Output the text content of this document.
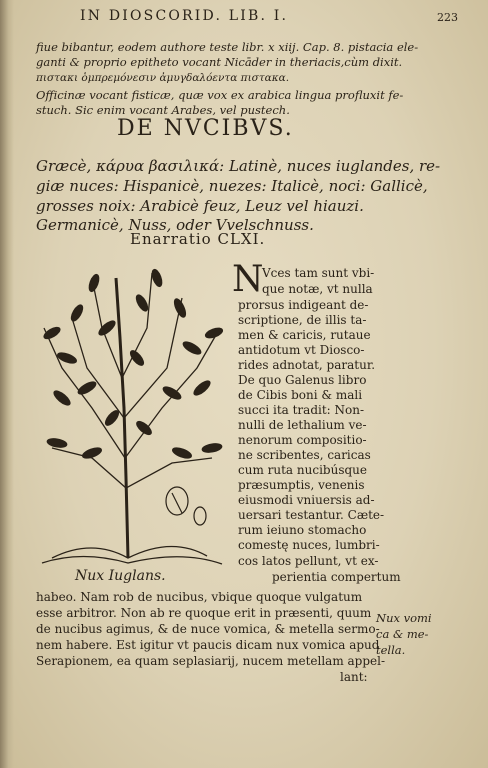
IN DIOSCORID. LIB. I.	223
fiue bibantur, eodem authore teste libr. x xiij. Cap. 8. pistacia ele-
ganti & proprio epitheto vocant Nicāder in theriacis,cùm dixit.
πιστακι ὁμπρεμόνεσιν ἀμυγδαλόεντα πιστακα.
Officinæ vocant fisticæ, quæ vox ex arabica lingua profluxit fe-
stuch. Sic enim vocant Arabes, vel pustech.
DE NVCIBVS.
Græcè, κάρυα βασιλικά: Latinè, nuces iuglandes, re-
giæ nuces: Hispanicè, nuezes: Italicè, noci: Gallicè,
grosses noix: Arabicè feuz, Leuz vel hiauzi.
Germanicè, Nuss, oder Vvelschnuss.
Enarratio CLXI.
N
Vces tam sunt vbi-
que notæ, vt nulla
prorsus indigeant de-
scriptione, de illis ta-
men & caricis, rutaue
antidotum vt Diosco-
rides adnotat, paratur.
De quo Galenus libro
de Cibis boni & mali
succi ita tradit: Non-
nulli de lethalium ve-
nenorum compositio-
ne scribentes, caricas
cum ruta nucibúsque
præsumptis, venenis
eiusmodi vniuersis ad-
uersari testantur. Cæte-
rum ieiuno stomacho
comestę nuces, lumbri-
cos latos pellunt, vt ex-
Nux Iuglans.	perientia compertum
habeo. Nam rob de nucibus, vbique quoque vulgatum
esse arbitror. Non ab re quoque erit in præsenti, quum
de nucibus agimus, & de nuce vomica, & metella sermo-
nem habere. Est igitur vt paucis dicam nux vomica apud
Serapionem, ea quam seplasiarij, nucem metellam appel-
lant:
Nux vomi
ca & me-
tella.
